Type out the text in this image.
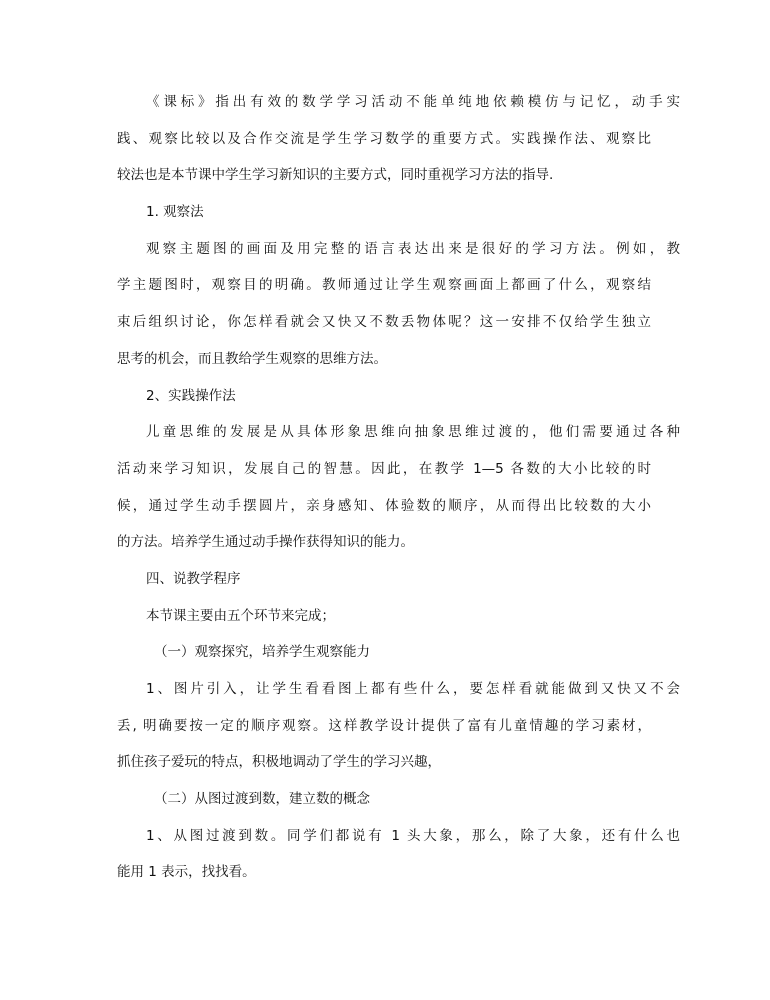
《课标》指出有效的数学学习活动不能单纯地依赖模仿与记忆，动手实
践、观察比较以及合作交流是学生学习数学的重要方式。实践操作法、观察比
较法也是本节课中学生学习新知识的主要方式，同时重视学习方法的指导.
1. 观察法
观察主题图的画面及用完整的语言表达出来是很好的学习方法。例如，教
学主题图时，观察目的明确。教师通过让学生观察画面上都画了什么，观察结
束后组织讨论，你怎样看就会又快又不数丢物体呢？这一安排不仅给学生独立
思考的机会，而且教给学生观察的思维方法。
2、实践操作法
儿童思维的发展是从具体形象思维向抽象思维过渡的，他们需要通过各种
活动来学习知识，发展自己的智慧。因此，在教学 1—5 各数的大小比较的时
候，通过学生动手摆圆片，亲身感知、体验数的顺序，从而得出比较数的大小
的方法。培养学生通过动手操作获得知识的能力。
四、说教学程序
本节课主要由五个环节来完成；
（一）观察探究，培养学生观察能力
1、图片引入，让学生看看图上都有些什么，要怎样看就能做到又快又不会
丢, 明确要按一定的顺序观察。这样教学设计提供了富有儿童情趣的学习素材，
抓住孩子爱玩的特点，积极地调动了学生的学习兴趣，
（二）从图过渡到数，建立数的概念
1、从图过渡到数。同学们都说有 1 头大象，那么，除了大象，还有什么也
能用 1 表示，找找看。
